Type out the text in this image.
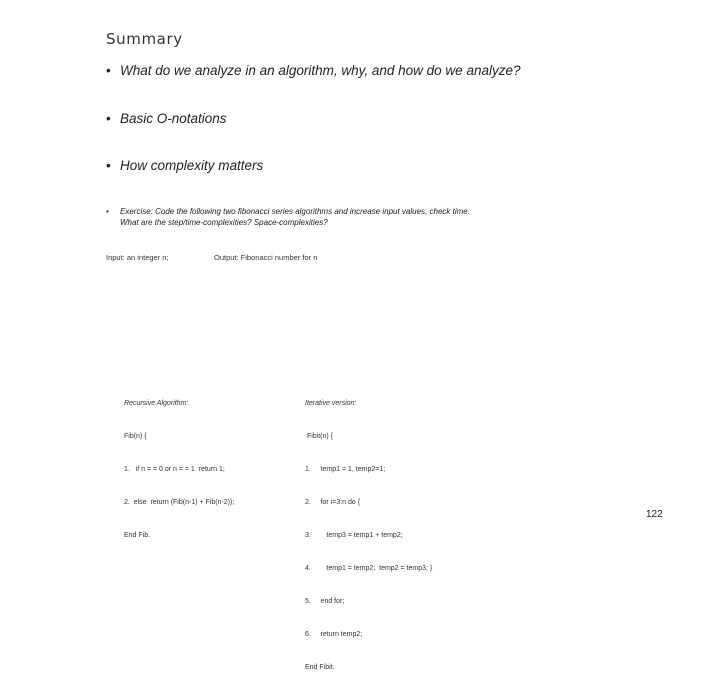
Summary
• What do we analyze in an algorithm, why, and how do we analyze?
• Basic O-notations
• How complexity matters
• Exercise: Code the following two fibonacci series algorithms and increase input values, check time.
What are the step/time-complexities? Space-complexities?
Input: an integer n;	Output: Fibonacci number for n

Recursive Algorithm:

Fib(n) {

1.   if n = = 0 or n = = 1  return 1;

2.  else  return (Fib(n-1) + Fib(n-2));

End Fib.

Iterative version:

Fibit(n) {

1.     temp1 = 1, temp2=1;

2.     for i=3:n do {

3.        temp3 = temp1 + temp2;

4.        temp1 = temp2;  temp2 = temp3; }

5.     end for;

6.     return temp2;

End Fibit.

122
